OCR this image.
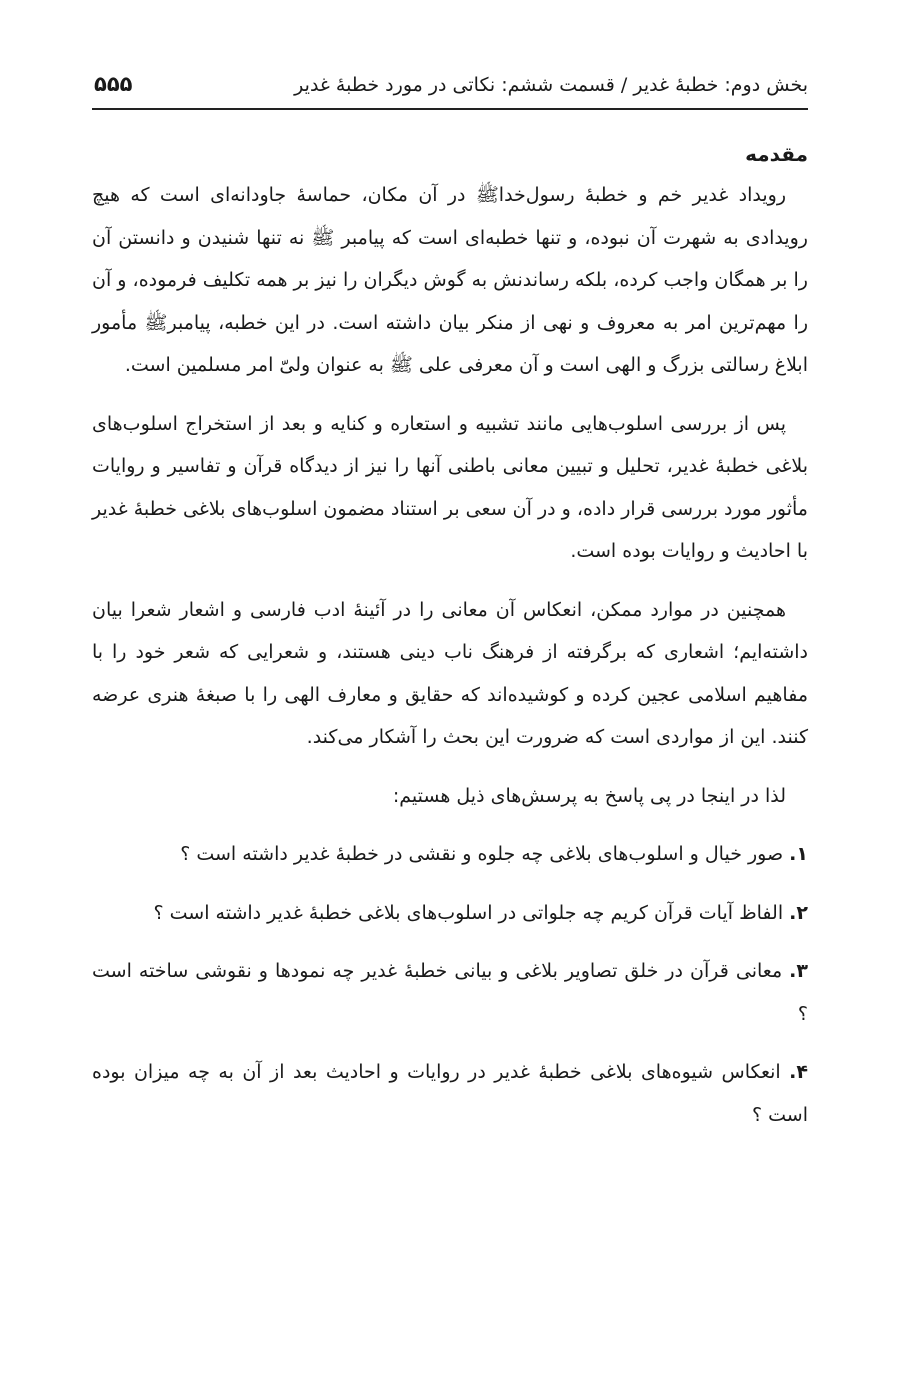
بخش دوم: خطبهٔ غدیر / قسمت ششم: نکاتی در مورد خطبهٔ غدیر
۵۵۵
مقدمه

رویداد غدیر خم و خطبهٔ رسول‌خداﷺ در آن مکان، حماسهٔ جاودانه‌ای است که هیچ رویدادی به شهرت آن نبوده، و تنها خطبه‌ای است که پیامبر ﷺ نه تنها شنیدن و دانستن آن را بر همگان واجب کرده، بلکه رساندنش به گوش دیگران را نیز بر همه تکلیف فرموده، و آن را مهم‌ترین امر به معروف و نهی از منکر بیان داشته است. در این خطبه، پیامبرﷺ مأمور ابلاغ رسالتی بزرگ و الهی است و آن معرفی علی ﷺ به عنوان ولیّ امر مسلمین است.

پس از بررسی اسلوب‌هایی مانند تشبیه و استعاره و کنایه و بعد از استخراج اسلوب‌های بلاغی خطبهٔ غدیر، تحلیل و تبیین معانی باطنی آنها را نیز از دیدگاه قرآن و تفاسیر و روایات مأثور مورد بررسی قرار داده، و در آن سعی بر استناد مضمون اسلوب‌های بلاغی خطبهٔ غدیر با احادیث و روایات بوده است.

همچنین در موارد ممکن، انعکاس آن معانی را در آئینهٔ ادب فارسی و اشعار شعرا بیان داشته‌ایم؛ اشعاری که برگرفته از فرهنگ ناب دینی هستند، و شعرایی که شعر خود را با مفاهیم اسلامی عجین کرده و کوشیده‌اند که حقایق و معارف الهی را با صبغهٔ هنری عرضه کنند. این از مواردی است که ضرورت این بحث را آشکار می‌کند.

لذا در اینجا در پی پاسخ به پرسش‌های ذیل هستیم:

۱. صور خیال و اسلوب‌های بلاغی چه جلوه و نقشی در خطبهٔ غدیر داشته است ؟

۲. الفاظ آیات قرآن کریم چه جلواتی در اسلوب‌های بلاغی خطبهٔ غدیر داشته است ؟

۳. معانی قرآن در خلق تصاویر بلاغی و بیانی خطبهٔ غدیر چه نمودها و نقوشی ساخته است ؟

۴. انعکاس شیوه‌های بلاغی خطبهٔ غدیر در روایات و احادیث بعد از آن به چه میزان بوده است ؟
